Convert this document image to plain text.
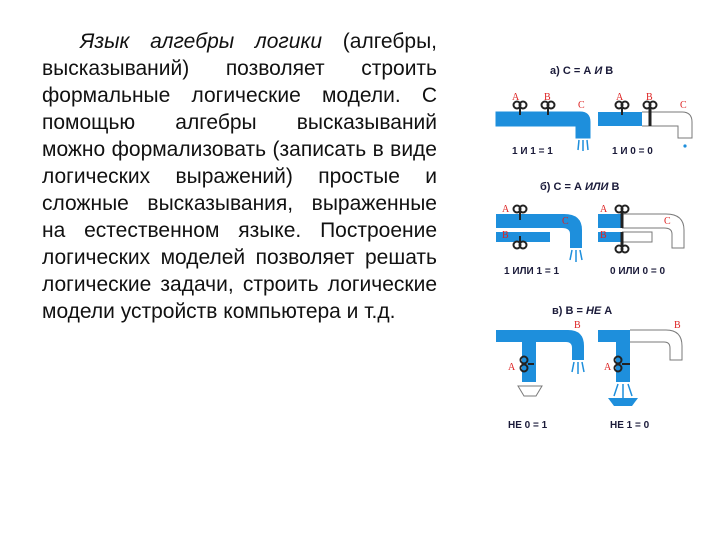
Язык алгебры логики (алгебры, высказываний) позволяет строить формальные логические модели. С помощью алгебры высказываний можно формализовать (записать в виде логических выражений) простые и сложные высказывания, выраженные на естественном языке. Построение логических моделей позволяет решать логические задачи, строить логические модели устройств компьютера и т.д.

а) С = А И В
А В
С
1 И 1 = 1
А В
С
1 И 0 = 0
б) С = А ИЛИ В
А
В
С
1 ИЛИ 1 = 1
А
В
С
0 ИЛИ 0 = 0
в) В = НЕ А
В
А
НЕ 0 = 1
В
А
НЕ 1 = 0
